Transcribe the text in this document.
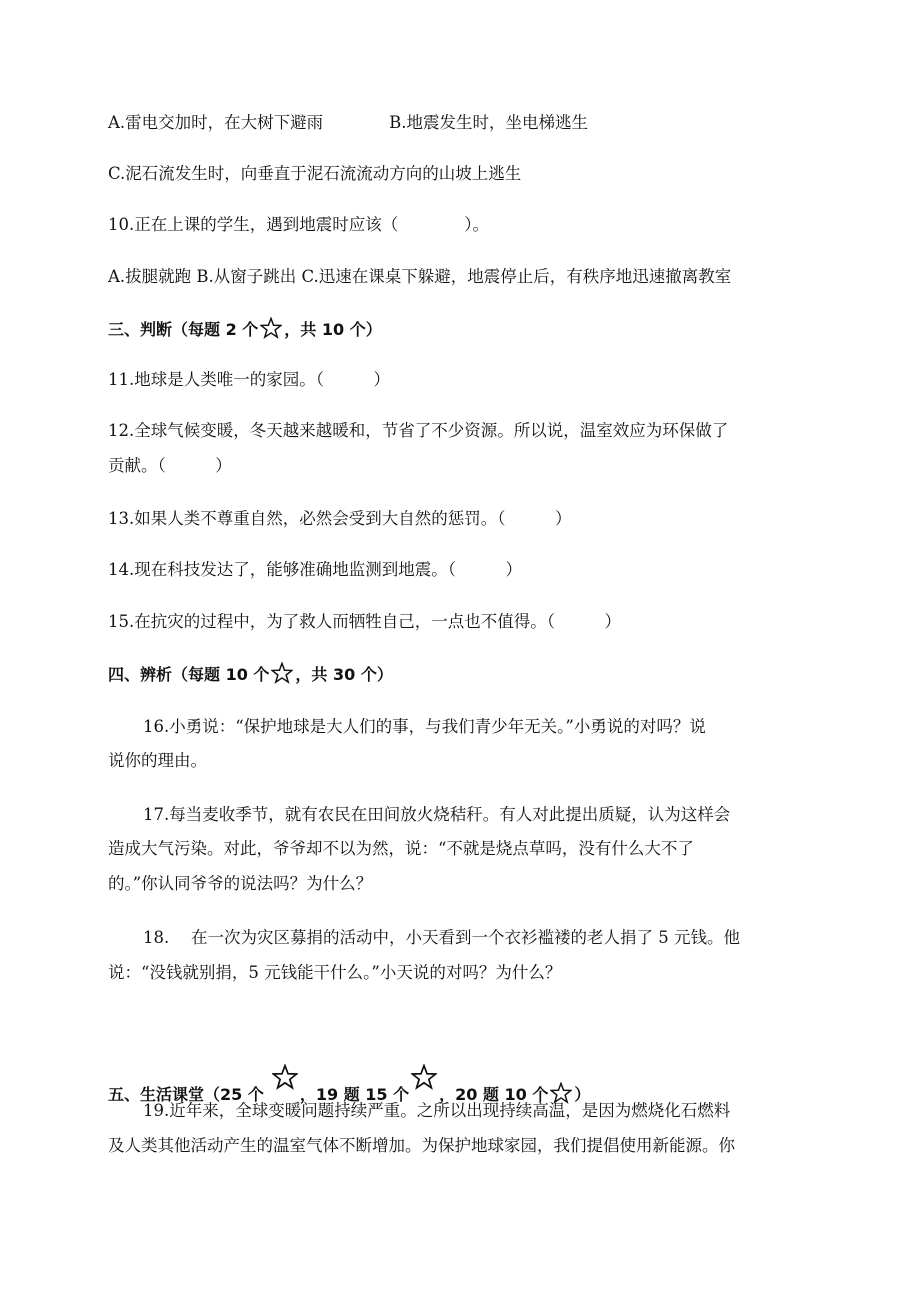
A.雷电交加时，在大树下避雨	B.地震发生时，坐电梯逃生
C.泥石流发生时，向垂直于泥石流流动方向的山坡上逃生
10.正在上课的学生，遇到地震时应该（　　　　）。
A.拔腿就跑 B.从窗子跳出 C.迅速在课桌下躲避，地震停止后，有秩序地迅速撤离教室
三、判断（每题 2 个 ，共 10 个）
11.地球是人类唯一的家园。（　　　）
12.全球气候变暖，冬天越来越暖和，节省了不少资源。所以说，温室效应为环保做了
贡献。（　　　）
13.如果人类不尊重自然，必然会受到大自然的惩罚。（　　　）
14.现在科技发达了，能够准确地监测到地震。（　　　）
15.在抗灾的过程中，为了救人而牺牲自己，一点也不值得。（　　　）
四、辨析（每题 10 个 ，共 30 个）
16.小勇说：“保护地球是大人们的事，与我们青少年无关。”小勇说的对吗？说
说你的理由。
17.每当麦收季节，就有农民在田间放火烧秸秆。有人对此提出质疑，认为这样会
造成大气污染。对此，爷爷却不以为然，说：“不就是烧点草吗，没有什么大不了
的。”你认同爷爷的说法吗？为什么？
18.　 在一次为灾区募捐的活动中，小天看到一个衣衫褴褛的老人捐了 5 元钱。他
说：“没钱就别捐，5 元钱能干什么。”小天说的对吗？为什么？
五、生活课堂（25 个 ，19 题 15 个 ，20 题 10 个 ）
19.近年来，全球变暖问题持续严重。之所以出现持续高温，是因为燃烧化石燃料
及人类其他活动产生的温室气体不断增加。为保护地球家园，我们提倡使用新能源。你
